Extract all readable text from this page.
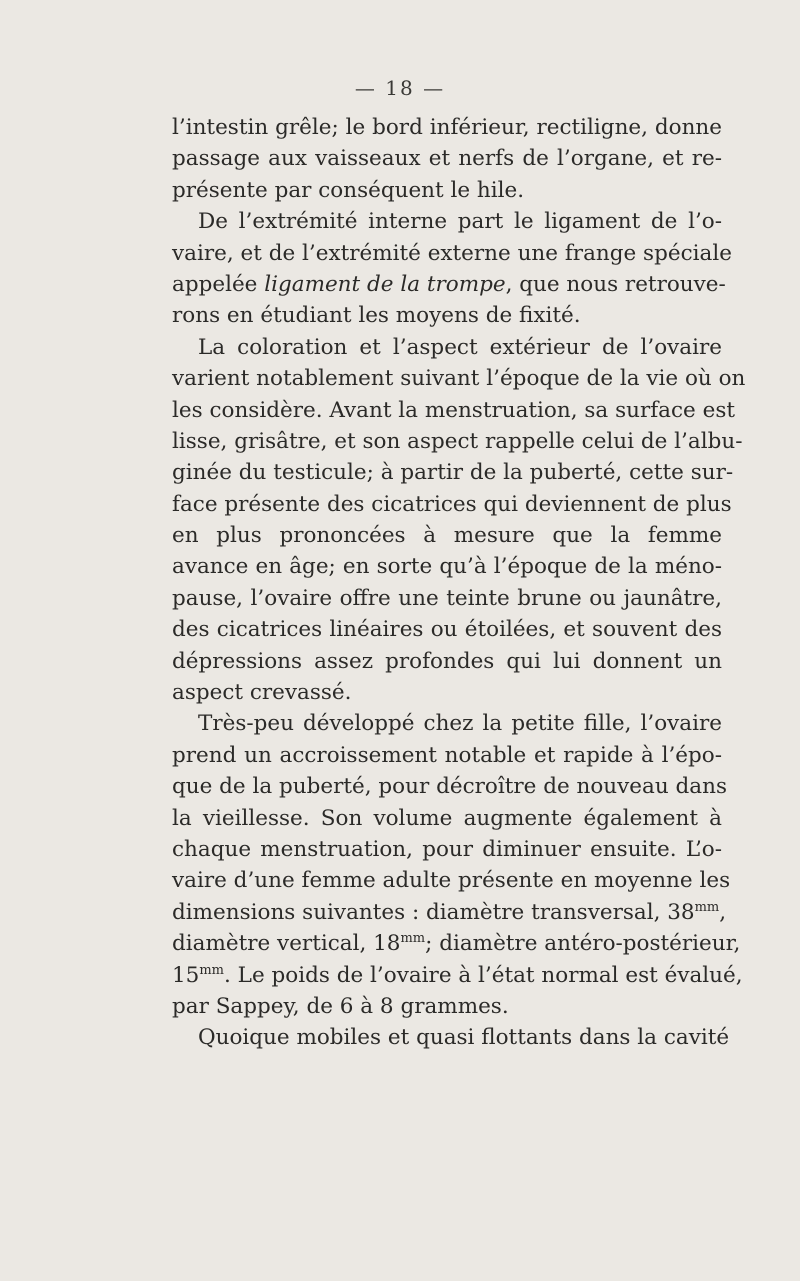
— 18 —
l’intestin grêle; le bord inférieur, rectiligne, donne
passage aux vaisseaux et nerfs de l’organe, et re-
présente par conséquent le hile.
De l’extrémité interne part le ligament de l’o-
vaire, et de l’extrémité externe une frange spéciale
appelée ligament de la trompe, que nous retrouve-
rons en étudiant les moyens de fixité.
La coloration et l’aspect extérieur de l’ovaire
varient notablement suivant l’époque de la vie où on
les considère. Avant la menstruation, sa surface est
lisse, grisâtre, et son aspect rappelle celui de l’albu-
ginée du testicule; à partir de la puberté, cette sur-
face présente des cicatrices qui deviennent de plus
en plus prononcées à mesure que la femme
avance en âge; en sorte qu’à l’époque de la méno-
pause, l’ovaire offre une teinte brune ou jaunâtre,
des cicatrices linéaires ou étoilées, et souvent des
dépressions assez profondes qui lui donnent un
aspect crevassé.
Très-peu développé chez la petite fille, l’ovaire
prend un accroissement notable et rapide à l’épo-
que de la puberté, pour décroître de nouveau dans
la vieillesse. Son volume augmente également à
chaque menstruation, pour diminuer ensuite. L’o-
vaire d’une femme adulte présente en moyenne les
dimensions suivantes : diamètre transversal, $38^{mm}$,
diamètre vertical, $18^{mm}$; diamètre antéro-postérieur,
$15^{mm}$. Le poids de l’ovaire à l’état normal est évalué,
par Sappey, de 6 à 8 grammes.
Quoique mobiles et quasi flottants dans la cavité
